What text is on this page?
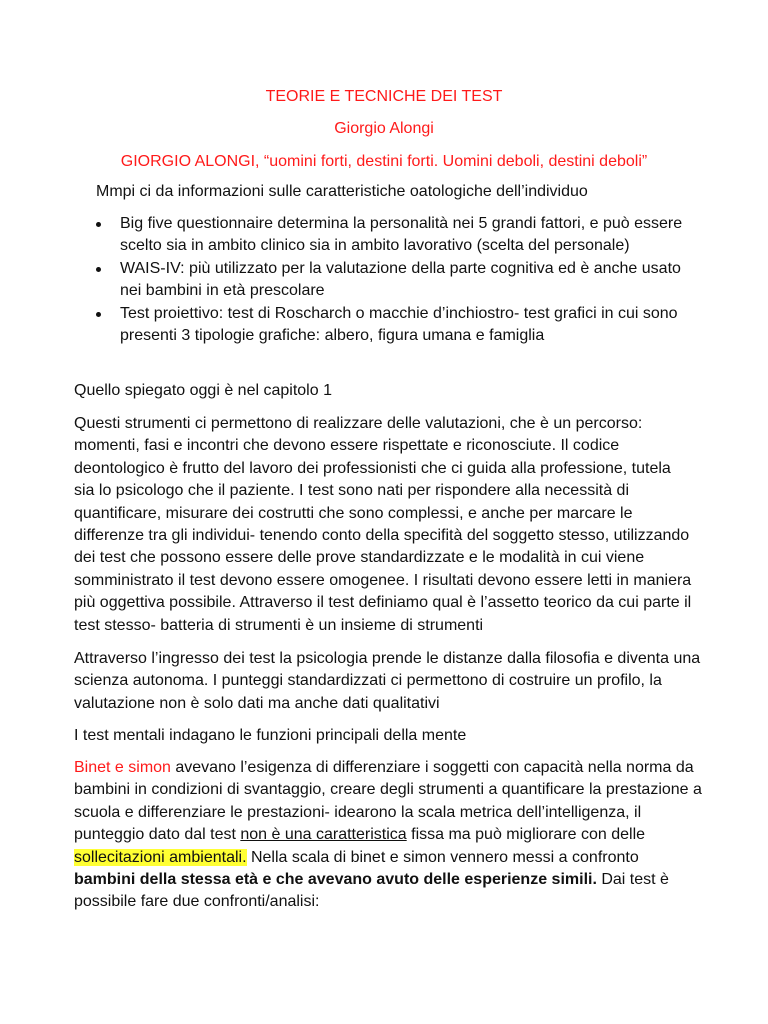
TEORIE E TECNICHE DEI TEST
Giorgio Alongi
GIORGIO ALONGI, “uomini forti, destini forti. Uomini deboli, destini deboli”
Mmpi ci da informazioni sulle caratteristiche oatologiche dell’individuo
Big five questionnaire determina la personalità nei 5 grandi fattori, e può essere scelto sia in ambito clinico sia in ambito lavorativo (scelta del personale)
WAIS-IV: più utilizzato per la valutazione della parte cognitiva ed è anche usato nei bambini in età prescolare
Test proiettivo: test di Roscharch o macchie d’inchiostro- test grafici in cui sono presenti 3 tipologie grafiche: albero, figura umana e famiglia
Quello spiegato oggi è nel capitolo 1
Questi strumenti ci permettono di realizzare delle valutazioni, che è un percorso: momenti, fasi e incontri che devono essere rispettate e riconosciute. Il codice deontologico è frutto del lavoro dei professionisti che ci guida alla professione, tutela sia lo psicologo che il paziente. I test sono nati per rispondere alla necessità di quantificare, misurare dei costrutti che sono complessi, e anche per marcare le differenze tra gli individui- tenendo conto della specifità del soggetto stesso, utilizzando dei test che possono essere delle prove standardizzate e le modalità in cui viene somministrato il test devono essere omogenee. I risultati devono essere letti in maniera più oggettiva possibile. Attraverso il test definiamo qual è l’assetto teorico da cui parte il test stesso- batteria di strumenti è un insieme di strumenti
Attraverso l’ingresso dei test la psicologia prende le distanze dalla filosofia e diventa una scienza autonoma. I punteggi standardizzati ci permettono di costruire un profilo, la valutazione non è solo dati ma anche dati qualitativi
I test mentali indagano le funzioni principali della mente
Binet e simon avevano l’esigenza di differenziare i soggetti con capacità nella norma da bambini in condizioni di svantaggio, creare degli strumenti a quantificare la prestazione a scuola e differenziare le prestazioni- idearono la scala metrica dell’intelligenza, il punteggio dato dal test non è una caratteristica fissa ma può migliorare con delle sollecitazioni ambientali. Nella scala di binet e simon vennero messi a confronto bambini della stessa età e che avevano avuto delle esperienze simili. Dai test è possibile fare due confronti/analisi:
